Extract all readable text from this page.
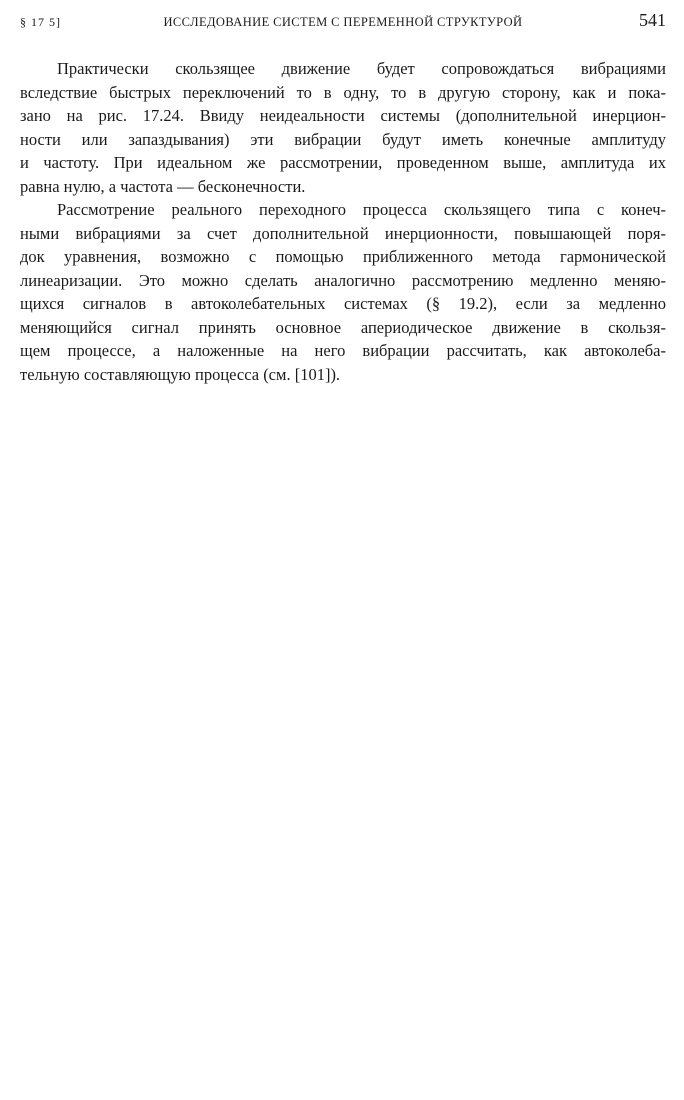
§ 17 5]	ИССЛЕДОВАНИЕ СИСТЕМ С ПЕРЕМЕННОЙ СТРУКТУРОЙ	541
Практически скользящее движение будет сопровождаться вибрациями
вследствие быстрых переключений то в одну, то в другую сторону, как и пока-
зано на рис. 17.24. Ввиду неидеальности системы (дополнительной инерцион-
ности или запаздывания) эти вибрации будут иметь конечные амплитуду
и частоту. При идеальном же рассмотрении, проведенном выше, амплитуда их
равна нулю, а частота — бесконечности.
Рассмотрение реального переходного процесса скользящего типа с конеч-
ными вибрациями за счет дополнительной инерционности, повышающей поря-
док уравнения, возможно с помощью приближенного метода гармонической
линеаризации. Это можно сделать аналогично рассмотрению медленно меняю-
щихся сигналов в автоколебательных системах (§ 19.2), если за медленно
меняющийся сигнал принять основное апериодическое движение в скользя-
щем процессе, а наложенные на него вибрации рассчитать, как автоколеба-
тельную составляющую процесса (см. [101]).
